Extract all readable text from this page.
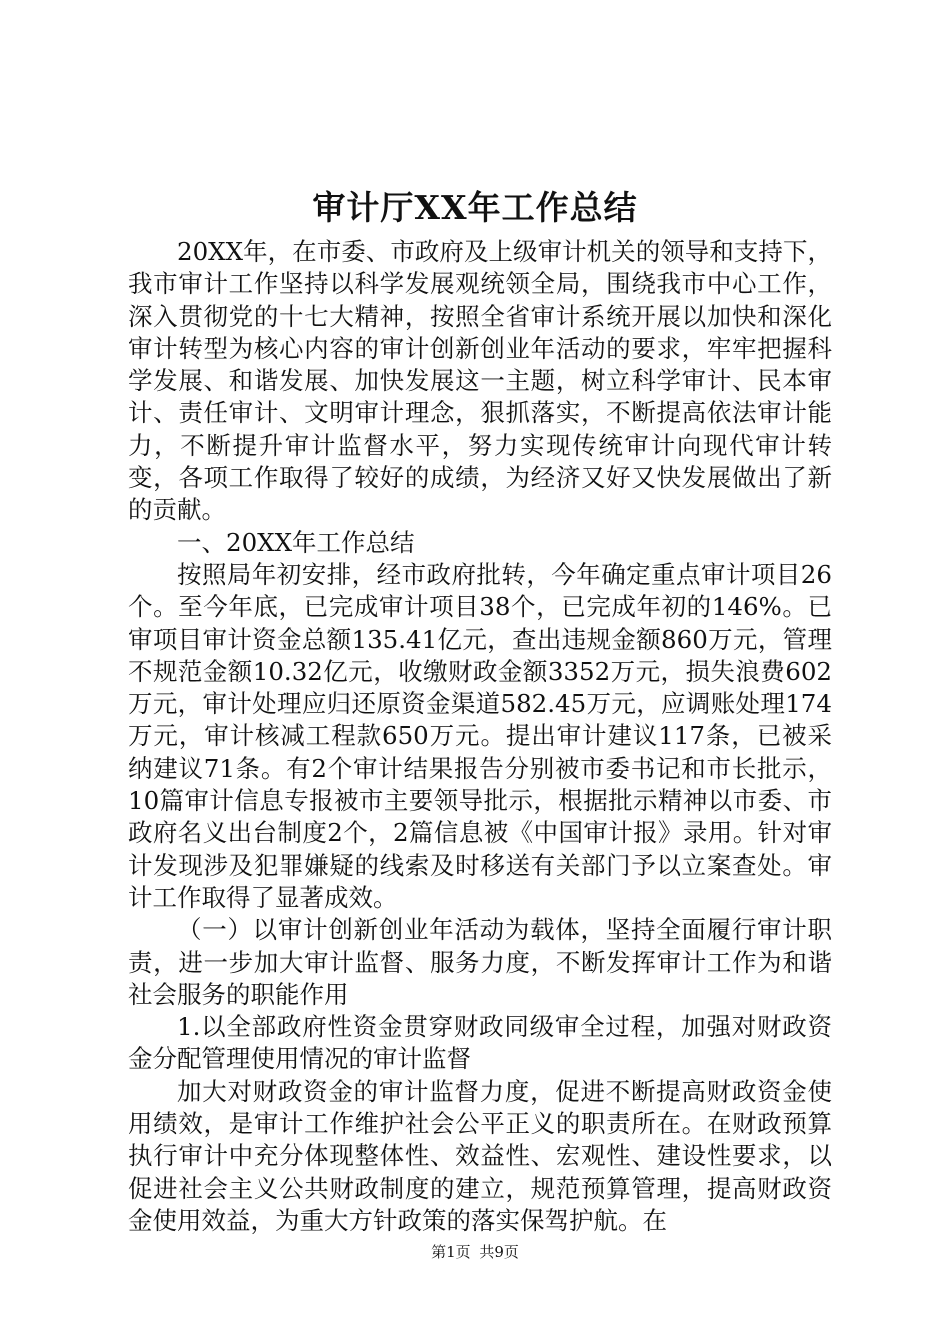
审计厅XX年工作总结

20XX年，在市委、市政府及上级审计机关的领导和支持下，我市审计工作坚持以科学发展观统领全局，围绕我市中心工作，深入贯彻党的十七大精神，按照全省审计系统开展以加快和深化审计转型为核心内容的审计创新创业年活动的要求，牢牢把握科学发展、和谐发展、加快发展这一主题，树立科学审计、民本审计、责任审计、文明审计理念，狠抓落实，不断提高依法审计能力，不断提升审计监督水平，努力实现传统审计向现代审计转变，各项工作取得了较好的成绩，为经济又好又快发展做出了新的贡献。

一、20XX年工作总结

按照局年初安排，经市政府批转，今年确定重点审计项目26个。至今年底，已完成审计项目38个，已完成年初的146%。已审项目审计资金总额135.41亿元，查出违规金额860万元，管理不规范金额10.32亿元，收缴财政金额3352万元，损失浪费602万元，审计处理应归还原资金渠道582.45万元，应调账处理174万元，审计核减工程款650万元。提出审计建议117条，已被采纳建议71条。有2个审计结果报告分别被市委书记和市长批示，10篇审计信息专报被市主要领导批示，根据批示精神以市委、市政府名义出台制度2个，2篇信息被《中国审计报》录用。针对审计发现涉及犯罪嫌疑的线索及时移送有关部门予以立案查处。审计工作取得了显著成效。

（一）以审计创新创业年活动为载体，坚持全面履行审计职责，进一步加大审计监督、服务力度，不断发挥审计工作为和谐社会服务的职能作用

1.以全部政府性资金贯穿财政同级审全过程，加强对财政资金分配管理使用情况的审计监督

加大对财政资金的审计监督力度，促进不断提高财政资金使用绩效，是审计工作维护社会公平正义的职责所在。在财政预算执行审计中充分体现整体性、效益性、宏观性、建设性要求，以促进社会主义公共财政制度的建立，规范预算管理，提高财政资金使用效益，为重大方针政策的落实保驾护航。在

第1页 共9页
